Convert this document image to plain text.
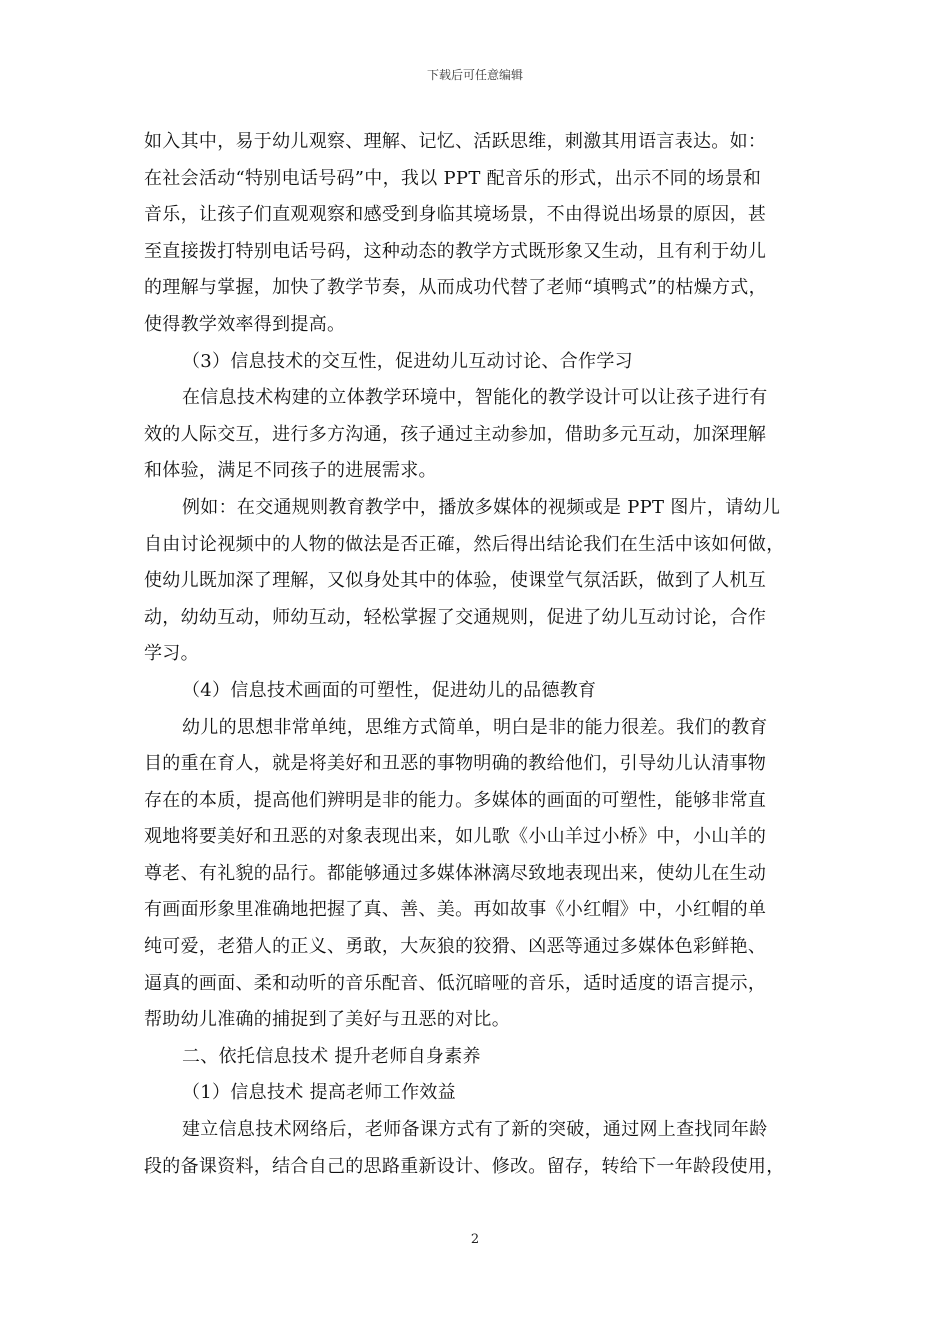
下载后可任意编辑
如入其中，易于幼儿观察、理解、记忆、活跃思维，刺激其用语言表达。如：
在社会活动“特别电话号码”中，我以 PPT 配音乐的形式，出示不同的场景和
音乐，让孩子们直观观察和感受到身临其境场景，不由得说出场景的原因，甚
至直接拨打特别电话号码，这种动态的教学方式既形象又生动，且有利于幼儿
的理解与掌握，加快了教学节奏，从而成功代替了老师“填鸭式”的枯燥方式，
使得教学效率得到提高。
（3）信息技术的交互性，促进幼儿互动讨论、合作学习
在信息技术构建的立体教学环境中，智能化的教学设计可以让孩子进行有
效的人际交互，进行多方沟通，孩子通过主动参加，借助多元互动，加深理解
和体验，满足不同孩子的进展需求。
例如：在交通规则教育教学中，播放多媒体的视频或是 PPT 图片，请幼儿
自由讨论视频中的人物的做法是否正確，然后得出结论我们在生活中该如何做，
使幼儿既加深了理解，又似身处其中的体验，使课堂气氛活跃，做到了人机互
动，幼幼互动，师幼互动，轻松掌握了交通规则，促进了幼儿互动讨论，合作
学习。
（4）信息技术画面的可塑性，促进幼儿的品德教育
幼儿的思想非常单纯，思维方式简单，明白是非的能力很差。我们的教育
目的重在育人，就是将美好和丑恶的事物明确的教给他们，引导幼儿认清事物
存在的本质，提高他们辨明是非的能力。多媒体的画面的可塑性，能够非常直
观地将要美好和丑恶的对象表现出来，如儿歌《小山羊过小桥》中，小山羊的
尊老、有礼貌的品行。都能够通过多媒体淋漓尽致地表现出来，使幼儿在生动
有画面形象里准确地把握了真、善、美。再如故事《小红帽》中，小红帽的单
纯可爱，老猎人的正义、勇敢，大灰狼的狡猾、凶恶等通过多媒体色彩鲜艳、
逼真的画面、柔和动听的音乐配音、低沉暗哑的音乐，适时适度的语言提示，
帮助幼儿准确的捕捉到了美好与丑恶的对比。
二、依托信息技术 提升老师自身素养
（1）信息技术 提高老师工作效益
建立信息技术网络后，老师备课方式有了新的突破，通过网上查找同年龄
段的备课资料，结合自己的思路重新设计、修改。留存，转给下一年龄段使用，
2
